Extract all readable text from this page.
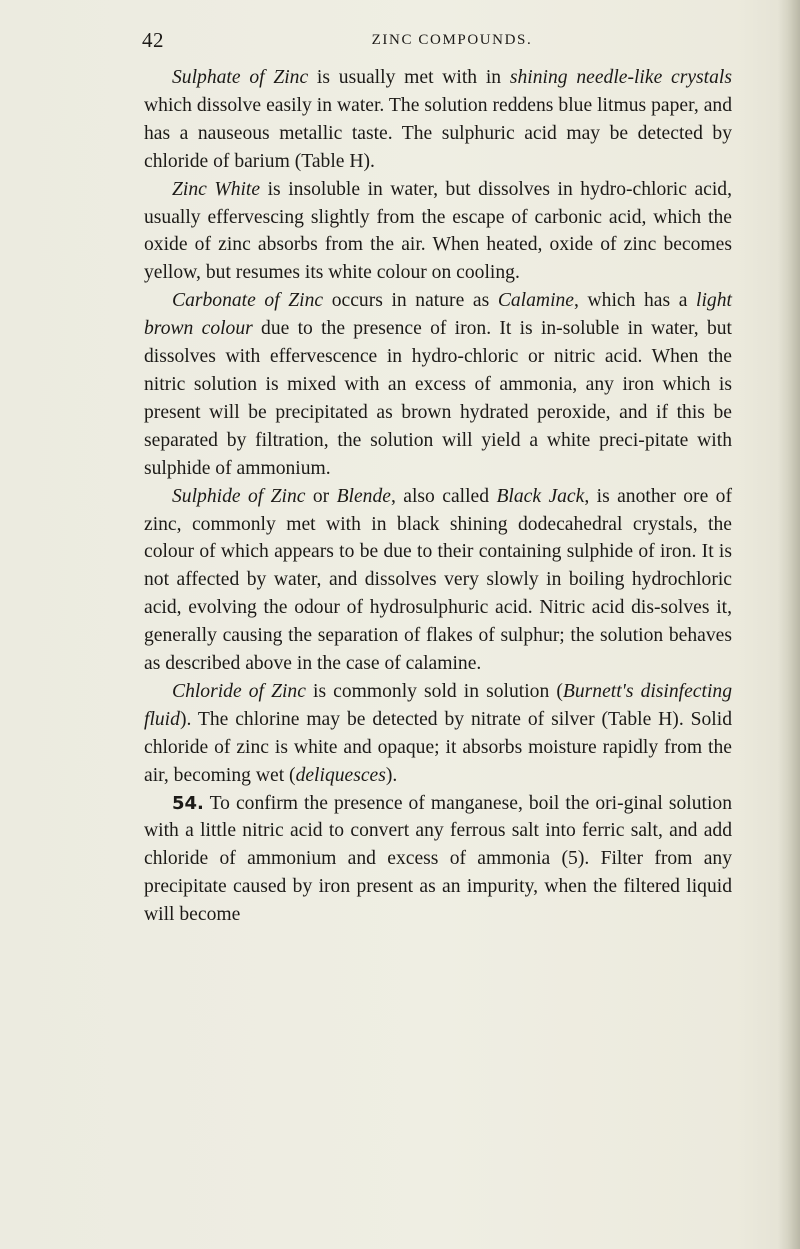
42	ZINC COMPOUNDS.

Sulphate of Zinc is usually met with in shining needle-like crystals which dissolve easily in water. The solution reddens blue litmus paper, and has a nauseous metallic taste. The sulphuric acid may be detected by chloride of barium (Table H).

Zinc White is insoluble in water, but dissolves in hydro-chloric acid, usually effervescing slightly from the escape of carbonic acid, which the oxide of zinc absorbs from the air. When heated, oxide of zinc becomes yellow, but resumes its white colour on cooling.

Carbonate of Zinc occurs in nature as Calamine, which has a light brown colour due to the presence of iron. It is in-soluble in water, but dissolves with effervescence in hydro-chloric or nitric acid. When the nitric solution is mixed with an excess of ammonia, any iron which is present will be precipitated as brown hydrated peroxide, and if this be separated by filtration, the solution will yield a white preci-pitate with sulphide of ammonium.

Sulphide of Zinc or Blende, also called Black Jack, is another ore of zinc, commonly met with in black shining dodecahedral crystals, the colour of which appears to be due to their containing sulphide of iron. It is not affected by water, and dissolves very slowly in boiling hydrochloric acid, evolving the odour of hydrosulphuric acid. Nitric acid dis-solves it, generally causing the separation of flakes of sulphur; the solution behaves as described above in the case of calamine.

Chloride of Zinc is commonly sold in solution (Burnett's disinfecting fluid). The chlorine may be detected by nitrate of silver (Table H). Solid chloride of zinc is white and opaque; it absorbs moisture rapidly from the air, becoming wet (deliquesces).

54. To confirm the presence of manganese, boil the ori-ginal solution with a little nitric acid to convert any ferrous salt into ferric salt, and add chloride of ammonium and excess of ammonia (5). Filter from any precipitate caused by iron present as an impurity, when the filtered liquid will become
